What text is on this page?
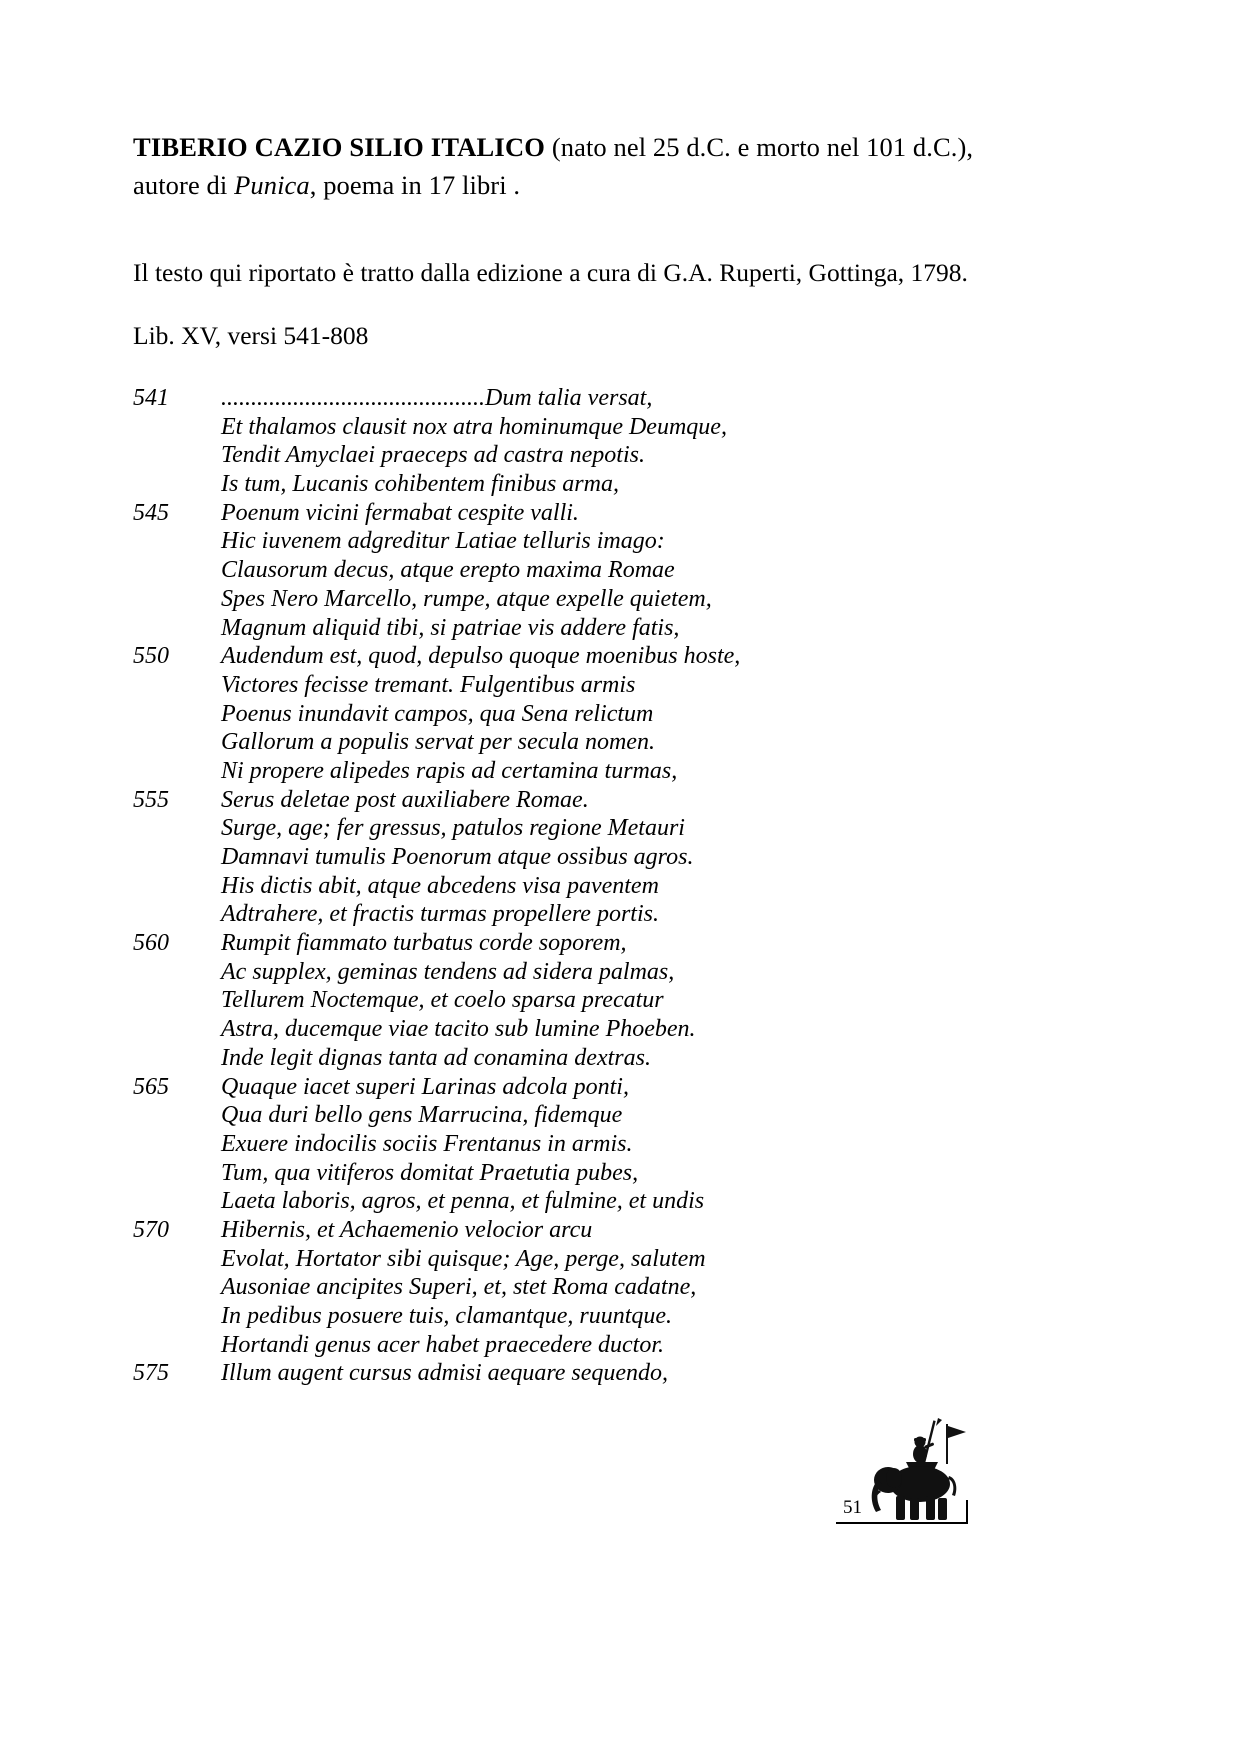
TIBERIO CAZIO SILIO ITALICO (nato nel 25 d.C. e morto nel 101 d.C.), autore di Punica, poema in 17 libri .

Il testo qui riportato è tratto dalla edizione a cura di G.A. Ruperti, Gottinga, 1798.

Lib. XV, versi 541-808

541 ............................................Dum talia versat,
Et thalamos clausit nox atra hominumque Deumque,
Tendit Amyclaei praeceps ad castra nepotis.
Is tum, Lucanis cohibentem finibus arma,
545 Poenum vicini fermabat cespite valli.
Hic iuvenem adgreditur Latiae telluris imago:
Clausorum decus, atque erepto maxima Romae
Spes Nero Marcello, rumpe, atque expelle quietem,
Magnum aliquid tibi, si patriae vis addere fatis,
550 Audendum est, quod, depulso quoque moenibus hoste,
Victores fecisse tremant. Fulgentibus armis
Poenus inundavit campos, qua Sena relictum
Gallorum a populis servat per secula nomen.
Ni propere alipedes rapis ad certamina turmas,
555 Serus deletae post auxiliabere Romae.
Surge, age; fer gressus, patulos regione Metauri
Damnavi tumulis Poenorum atque ossibus agros.
His dictis abit, atque abcedens visa paventem
Adtrahere, et fractis turmas propellere portis.
560 Rumpit fiammato turbatus corde soporem,
Ac supplex, geminas tendens ad sidera palmas,
Tellurem Noctemque, et coelo sparsa precatur
Astra, ducemque viae tacito sub lumine Phoeben.
Inde legit dignas tanta ad conamina dextras.
565 Quaque iacet superi Larinas adcola ponti,
Qua duri bello gens Marrucina, fidemque
Exuere indocilis sociis Frentanus in armis.
Tum, qua vitiferos domitat Praetutia pubes,
Laeta laboris, agros, et penna, et fulmine, et undis
570 Hibernis, et Achaemenio velocior arcu
Evolat, Hortator sibi quisque; Age, perge, salutem
Ausoniae ancipites Superi, et, stet Roma cadatne,
In pedibus posuere tuis, clamantque, ruuntque.
Hortandi genus acer habet praecedere ductor.
575 Illum augent cursus admisi aequare sequendo,
51
